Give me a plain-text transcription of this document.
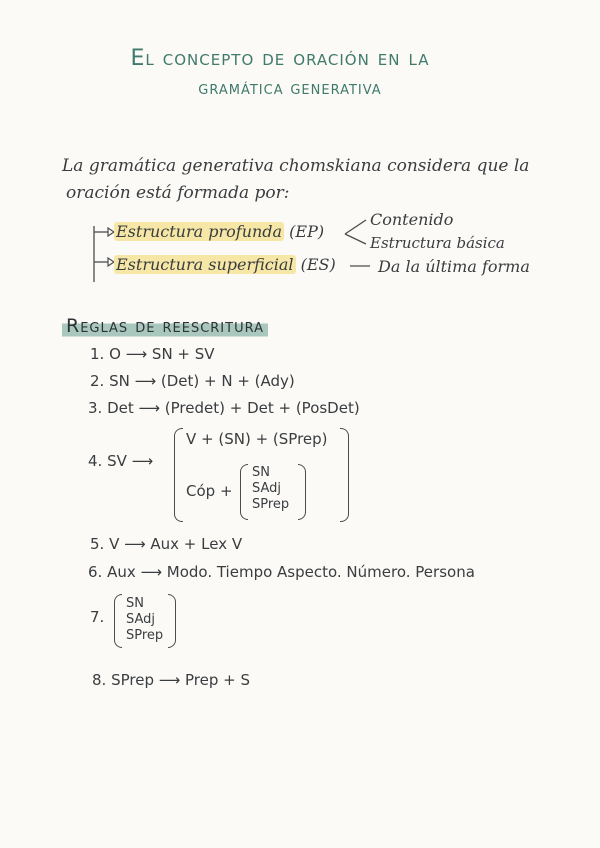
El concepto de oración en la
gramática generativa
La gramática generativa chomskiana considera que la
oración está formada por:
Estructura profunda (EP)
Contenido
Estructura básica
Estructura superficial (ES)	Da la última forma
Reglas de reescritura
1. O ⟶ SN + SV
2. SN ⟶ (Det) + N + (Ady)
3. Det ⟶ (Predet) + Det + (PosDet)
4. SV ⟶
V + (SN) + (SPrep)
Cóp +
SN
SAdj
SPrep
5. V ⟶ Aux + Lex V
6. Aux ⟶ Modo. Tiempo Aspecto. Número. Persona
7.
SN
SAdj
SPrep
8. SPrep ⟶ Prep + S
